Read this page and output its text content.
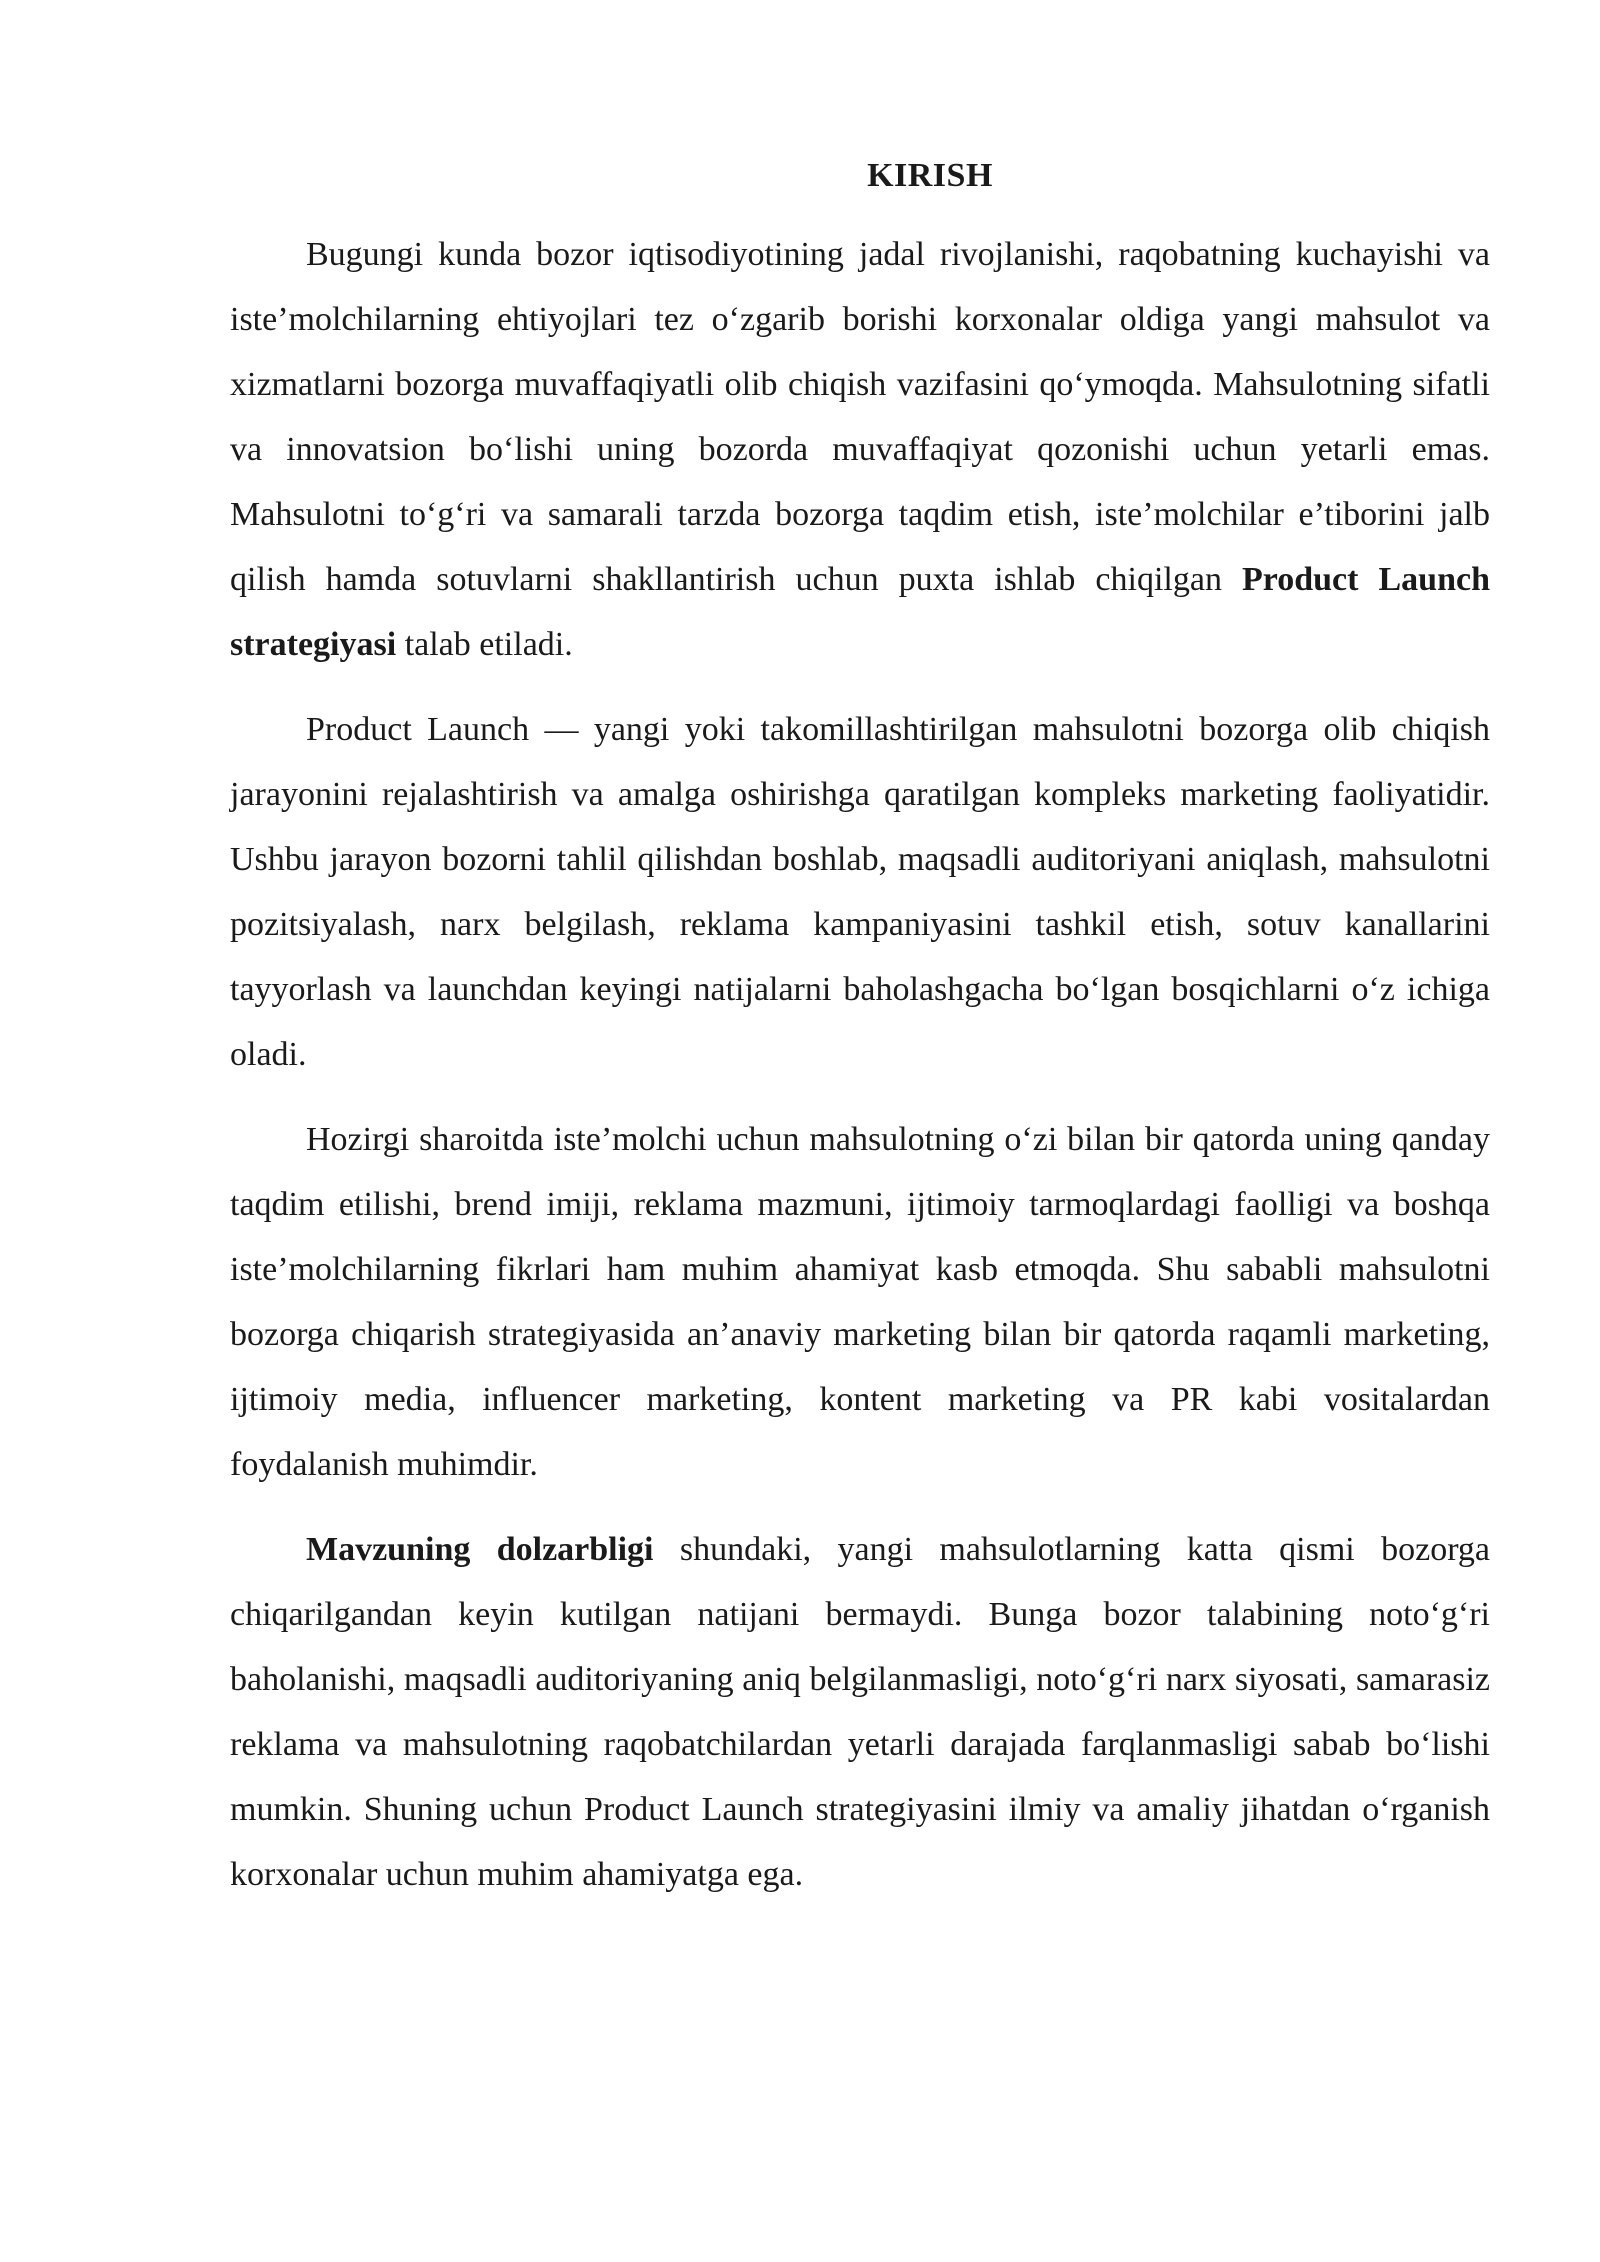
KIRISH

Bugungi kunda bozor iqtisodiyotining jadal rivojlanishi, raqobatning kuchayishi va iste’molchilarning ehtiyojlari tez o‘zgarib borishi korxonalar oldiga yangi mahsulot va xizmatlarni bozorga muvaffaqiyatli olib chiqish vazifasini qo‘ymoqda. Mahsulotning sifatli va innovatsion bo‘lishi uning bozorda muvaffaqiyat qozonishi uchun yetarli emas. Mahsulotni to‘g‘ri va samarali tarzda bozorga taqdim etish, iste’molchilar e’tiborini jalb qilish hamda sotuvlarni shakllantirish uchun puxta ishlab chiqilgan Product Launch strategiyasi talab etiladi.

Product Launch — yangi yoki takomillashtirilgan mahsulotni bozorga olib chiqish jarayonini rejalashtirish va amalga oshirishga qaratilgan kompleks marketing faoliyatidir. Ushbu jarayon bozorni tahlil qilishdan boshlab, maqsadli auditoriyani aniqlash, mahsulotni pozitsiyalash, narx belgilash, reklama kampaniyasini tashkil etish, sotuv kanallarini tayyorlash va launchdan keyingi natijalarni baholashgacha bo‘lgan bosqichlarni o‘z ichiga oladi.

Hozirgi sharoitda iste’molchi uchun mahsulotning o‘zi bilan bir qatorda uning qanday taqdim etilishi, brend imiji, reklama mazmuni, ijtimoiy tarmoqlardagi faolligi va boshqa iste’molchilarning fikrlari ham muhim ahamiyat kasb etmoqda. Shu sababli mahsulotni bozorga chiqarish strategiyasida an’anaviy marketing bilan bir qatorda raqamli marketing, ijtimoiy media, influencer marketing, kontent marketing va PR kabi vositalardan foydalanish muhimdir.

Mavzuning dolzarbligi shundaki, yangi mahsulotlarning katta qismi bozorga chiqarilgandan keyin kutilgan natijani bermaydi. Bunga bozor talabining noto‘g‘ri baholanishi, maqsadli auditoriyaning aniq belgilanmasligi, noto‘g‘ri narx siyosati, samarasiz reklama va mahsulotning raqobatchilardan yetarli darajada farqlanmasligi sabab bo‘lishi mumkin. Shuning uchun Product Launch strategiyasini ilmiy va amaliy jihatdan o‘rganish korxonalar uchun muhim ahamiyatga ega.
